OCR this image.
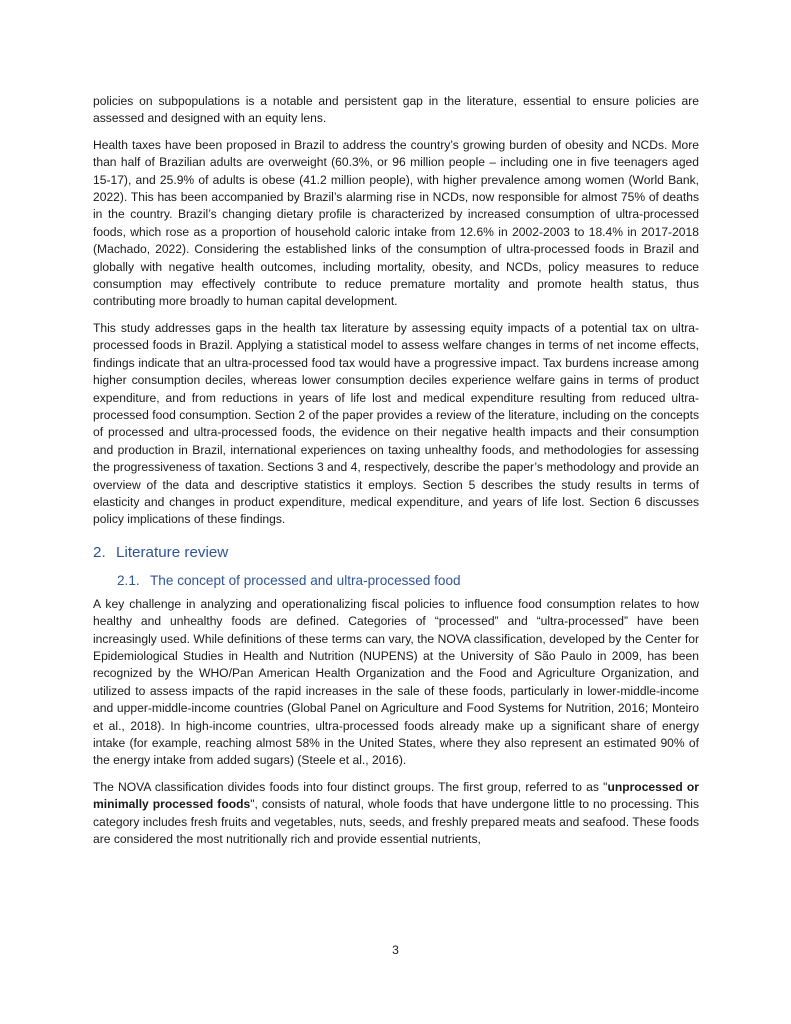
policies on subpopulations is a notable and persistent gap in the literature, essential to ensure policies are assessed and designed with an equity lens.

Health taxes have been proposed in Brazil to address the country’s growing burden of obesity and NCDs. More than half of Brazilian adults are overweight (60.3%, or 96 million people – including one in five teenagers aged 15-17), and 25.9% of adults is obese (41.2 million people), with higher prevalence among women (World Bank, 2022). This has been accompanied by Brazil’s alarming rise in NCDs, now responsible for almost 75% of deaths in the country. Brazil’s changing dietary profile is characterized by increased consumption of ultra-processed foods, which rose as a proportion of household caloric intake from 12.6% in 2002-2003 to 18.4% in 2017-2018 (Machado, 2022). Considering the established links of the consumption of ultra-processed foods in Brazil and globally with negative health outcomes, including mortality, obesity, and NCDs, policy measures to reduce consumption may effectively contribute to reduce premature mortality and promote health status, thus contributing more broadly to human capital development.

This study addresses gaps in the health tax literature by assessing equity impacts of a potential tax on ultra-processed foods in Brazil. Applying a statistical model to assess welfare changes in terms of net income effects, findings indicate that an ultra-processed food tax would have a progressive impact. Tax burdens increase among higher consumption deciles, whereas lower consumption deciles experience welfare gains in terms of product expenditure, and from reductions in years of life lost and medical expenditure resulting from reduced ultra-processed food consumption. Section 2 of the paper provides a review of the literature, including on the concepts of processed and ultra-processed foods, the evidence on their negative health impacts and their consumption and production in Brazil, international experiences on taxing unhealthy foods, and methodologies for assessing the progressiveness of taxation. Sections 3 and 4, respectively, describe the paper’s methodology and provide an overview of the data and descriptive statistics it employs. Section 5 describes the study results in terms of elasticity and changes in product expenditure, medical expenditure, and years of life lost. Section 6 discusses policy implications of these findings.

2. Literature review
2.1. The concept of processed and ultra-processed food

A key challenge in analyzing and operationalizing fiscal policies to influence food consumption relates to how healthy and unhealthy foods are defined. Categories of “processed” and “ultra-processed” have been increasingly used. While definitions of these terms can vary, the NOVA classification, developed by the Center for Epidemiological Studies in Health and Nutrition (NUPENS) at the University of São Paulo in 2009, has been recognized by the WHO/Pan American Health Organization and the Food and Agriculture Organization, and utilized to assess impacts of the rapid increases in the sale of these foods, particularly in lower-middle-income and upper-middle-income countries (Global Panel on Agriculture and Food Systems for Nutrition, 2016; Monteiro et al., 2018). In high-income countries, ultra-processed foods already make up a significant share of energy intake (for example, reaching almost 58% in the United States, where they also represent an estimated 90% of the energy intake from added sugars) (Steele et al., 2016).

The NOVA classification divides foods into four distinct groups. The first group, referred to as "unprocessed or minimally processed foods", consists of natural, whole foods that have undergone little to no processing. This category includes fresh fruits and vegetables, nuts, seeds, and freshly prepared meats and seafood. These foods are considered the most nutritionally rich and provide essential nutrients,

3
